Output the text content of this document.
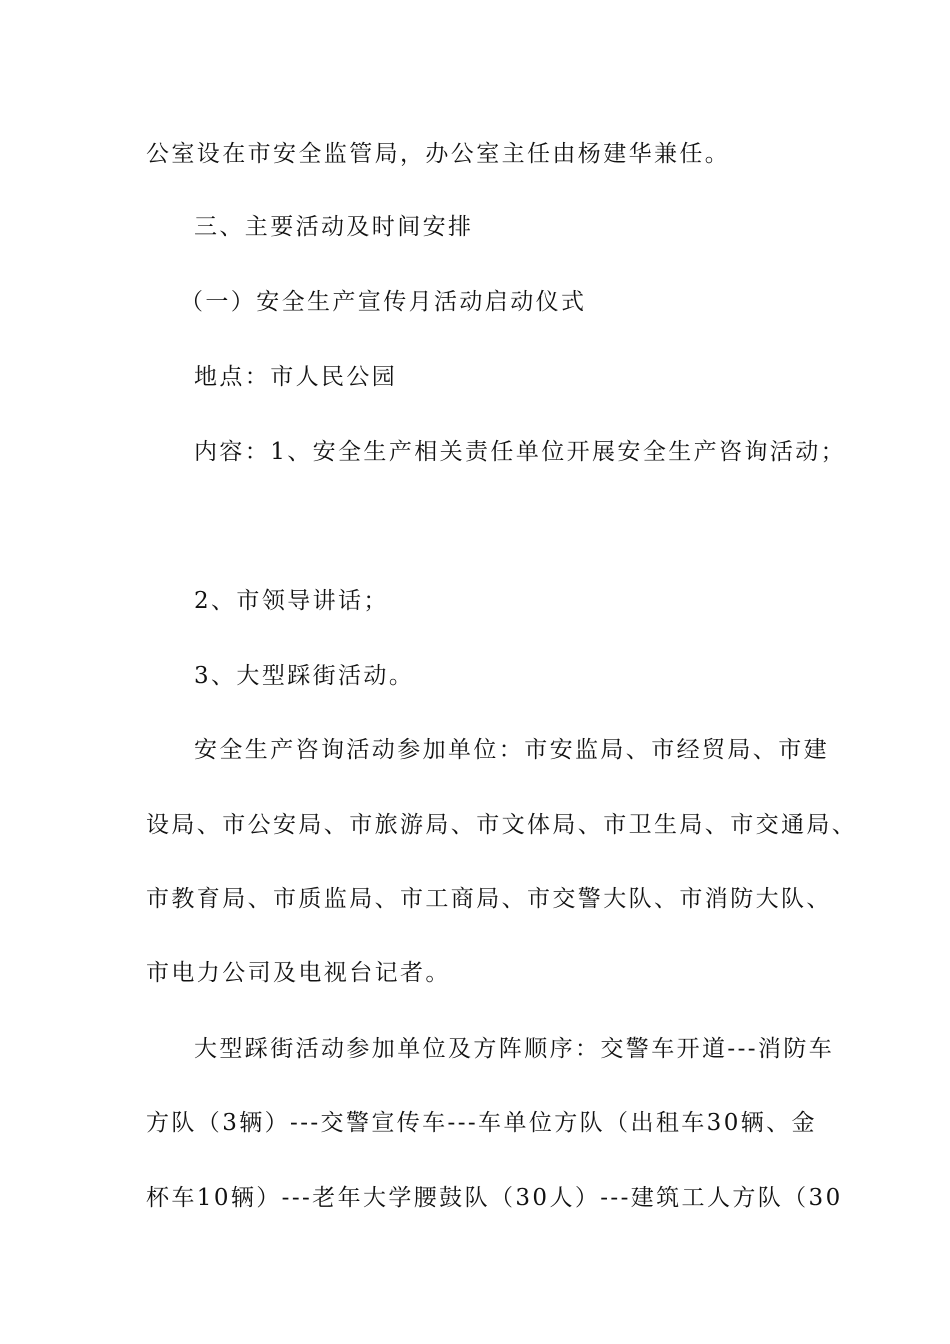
公室设在市安全监管局，办公室主任由杨建华兼任。
三、主要活动及时间安排
（一）安全生产宣传月活动启动仪式
地点：市人民公园
内容：1、安全生产相关责任单位开展安全生产咨询活动；
2、市领导讲话；
3、大型踩街活动。
安全生产咨询活动参加单位：市安监局、市经贸局、市建
设局、市公安局、市旅游局、市文体局、市卫生局、市交通局、
市教育局、市质监局、市工商局、市交警大队、市消防大队、
市电力公司及电视台记者。
大型踩街活动参加单位及方阵顺序：交警车开道---消防车
方队（3辆）---交警宣传车---车单位方队（出租车30辆、金
杯车10辆）---老年大学腰鼓队（30人）---建筑工人方队（30
